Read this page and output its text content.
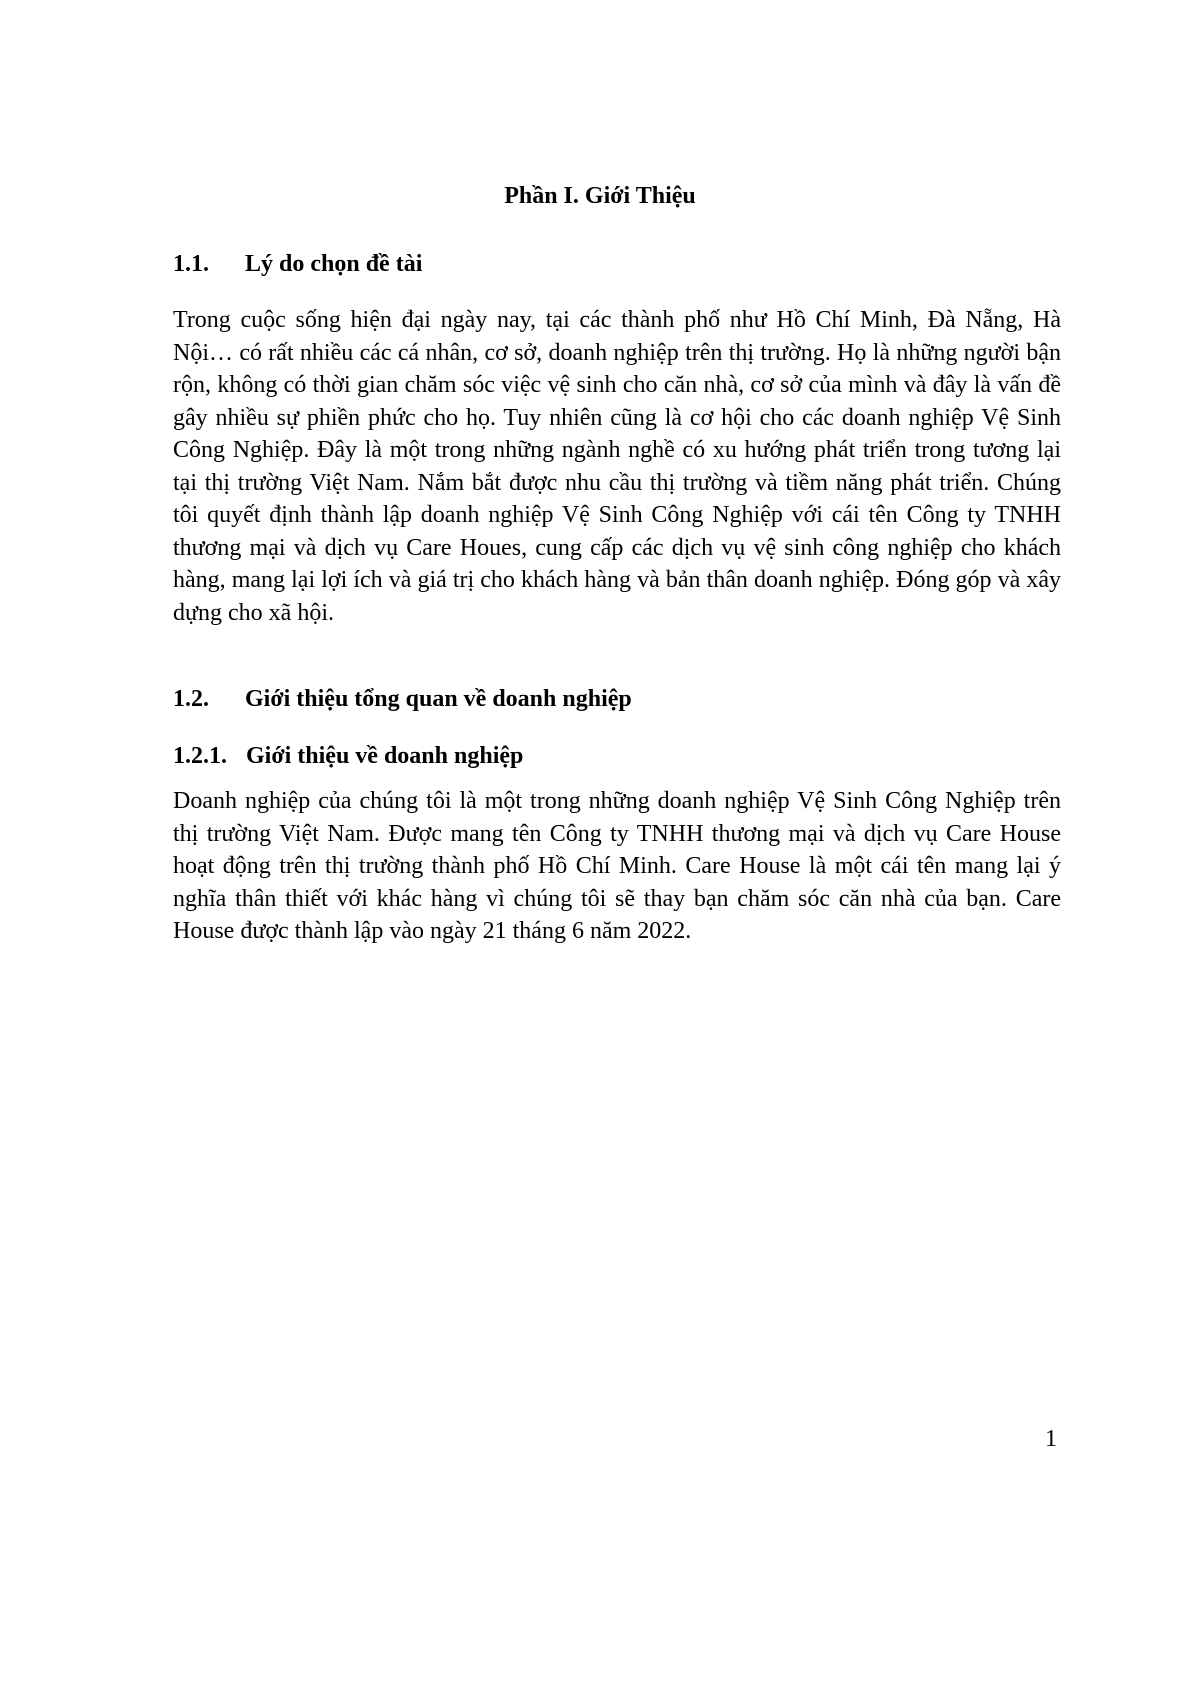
Phần I. Giới Thiệu
1.1. Lý do chọn đề tài
Trong cuộc sống hiện đại ngày nay, tại các thành phố như Hồ Chí Minh, Đà Nẵng, Hà Nội… có rất nhiều các cá nhân, cơ sở, doanh nghiệp trên thị trường. Họ là những người bận rộn, không có thời gian chăm sóc việc vệ sinh cho căn nhà, cơ sở của mình và đây là vấn đề gây nhiều sự phiền phức cho họ. Tuy nhiên cũng là cơ hội cho các doanh nghiệp Vệ Sinh Công Nghiệp. Đây là một trong những ngành nghề có xu hướng phát triển trong tương lại tại thị trường Việt Nam. Nắm bắt được nhu cầu thị trường và tiềm năng phát triển. Chúng tôi quyết định thành lập doanh nghiệp Vệ Sinh Công Nghiệp với cái tên Công ty TNHH thương mại và dịch vụ Care Houes, cung cấp các dịch vụ vệ sinh công nghiệp cho khách hàng, mang lại lợi ích và giá trị cho khách hàng và bản thân doanh nghiệp. Đóng góp và xây dựng cho xã hội.
1.2. Giới thiệu tổng quan về doanh nghiệp
1.2.1. Giới thiệu về doanh nghiệp
Doanh nghiệp của chúng tôi là một trong những doanh nghiệp Vệ Sinh Công Nghiệp trên thị trường Việt Nam. Được mang tên Công ty TNHH thương mại và dịch vụ Care House hoạt động trên thị trường thành phố Hồ Chí Minh. Care House là một cái tên mang lại ý nghĩa thân thiết với khác hàng vì chúng tôi sẽ thay bạn chăm sóc căn nhà của bạn. Care House được thành lập vào ngày 21 tháng 6 năm 2022.
1
